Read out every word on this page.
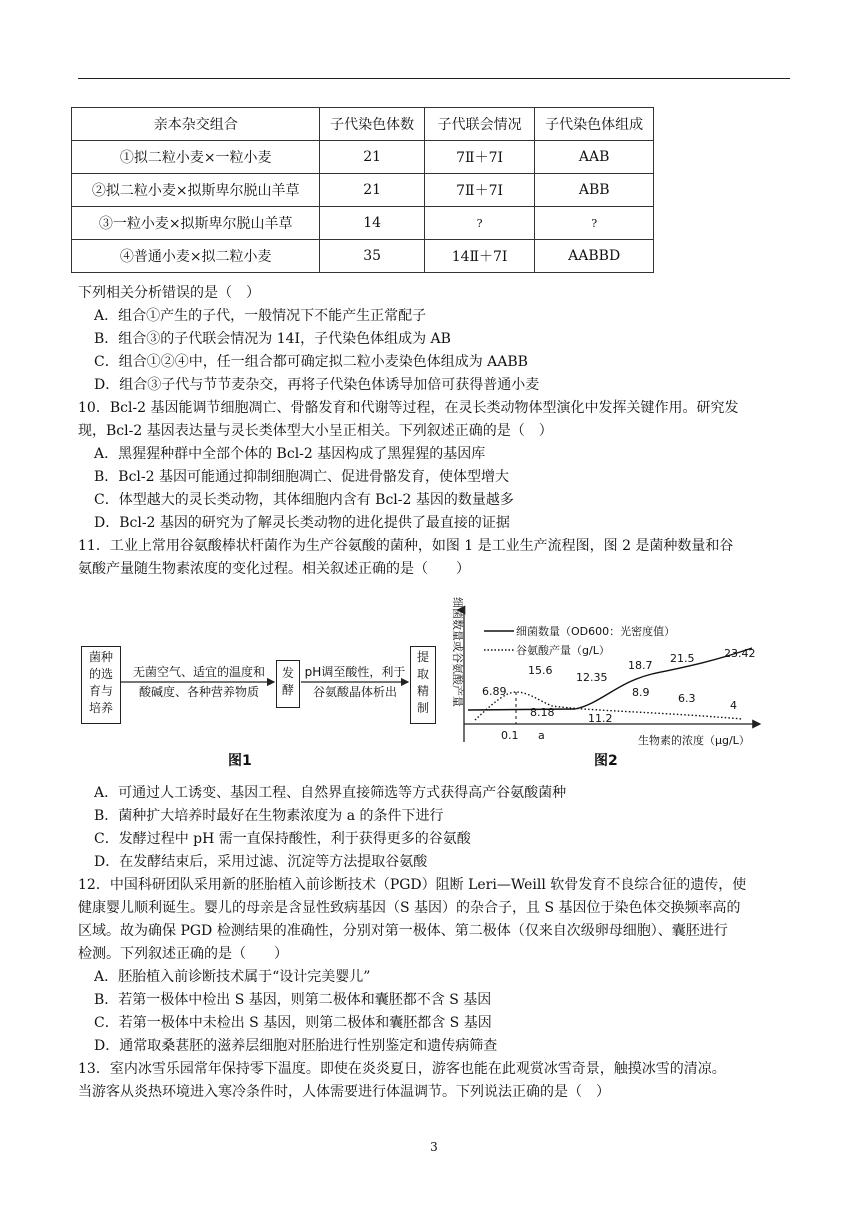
亲本杂交组合	子代染色体数	子代联会情况	子代染色体组成
①拟二粒小麦×一粒小麦	21	7Ⅱ＋7Ⅰ	AAB
②拟二粒小麦×拟斯卑尔脱山羊草	21	7Ⅱ＋7Ⅰ	ABB
③一粒小麦×拟斯卑尔脱山羊草	14	?	?
④普通小麦×拟二粒小麦	35	14Ⅱ＋7Ⅰ	AABBD
下列相关分析错误的是（　）
A．组合①产生的子代，一般情况下不能产生正常配子
B．组合③的子代联会情况为 14Ⅰ，子代染色体组成为 AB
C．组合①②④中，任一组合都可确定拟二粒小麦染色体组成为 AABB
D．组合③子代与节节麦杂交，再将子代染色体诱导加倍可获得普通小麦
10．Bcl-2 基因能调节细胞凋亡、骨骼发育和代谢等过程，在灵长类动物体型演化中发挥关键作用。研究发
现，Bcl-2 基因表达量与灵长类体型大小呈正相关。下列叙述正确的是（　）
A．黑猩猩种群中全部个体的 Bcl-2 基因构成了黑猩猩的基因库
B．Bcl-2 基因可能通过抑制细胞凋亡、促进骨骼发育，使体型增大
C．体型越大的灵长类动物，其体细胞内含有 Bcl-2 基因的数量越多
D．Bcl-2 基因的研究为了解灵长类动物的进化提供了最直接的证据
11．工业上常用谷氨酸棒状杆菌作为生产谷氨酸的菌种，如图 1 是工业生产流程图，图 2 是菌种数量和谷
氨酸产量随生物素浓度的变化过程。相关叙述正确的是（　　）
菌种
的选
育与
培养
无菌空气、适宜的温度和
酸碱度、各种营养物质
发
酵
pH调至酸性，利于
谷氨酸晶体析出
提
取
精
制
图1
细菌数量或谷氨酸产量	细菌数量（OD600：光密度值）
谷氨酸产量（g/L）
6.89
15.6
12.35
18.7
21.5	23.42
8.9	6.3
4
8.18	11.2
0.1 a	生物素的浓度（μg/L）
图2
A．可通过人工诱变、基因工程、自然界直接筛选等方式获得高产谷氨酸菌种
B．菌种扩大培养时最好在生物素浓度为 a 的条件下进行
C．发酵过程中 pH 需一直保持酸性，利于获得更多的谷氨酸
D．在发酵结束后，采用过滤、沉淀等方法提取谷氨酸
12．中国科研团队采用新的胚胎植入前诊断技术（PGD）阻断 Leri—Weill 软骨发育不良综合征的遗传，使
健康婴儿顺利诞生。婴儿的母亲是含显性致病基因（S 基因）的杂合子，且 S 基因位于染色体交换频率高的
区域。故为确保 PGD 检测结果的准确性，分别对第一极体、第二极体（仅来自次级卵母细胞）、囊胚进行
检测。下列叙述正确的是（　　）
A．胚胎植入前诊断技术属于“设计完美婴儿”
B．若第一极体中检出 S 基因，则第二极体和囊胚都不含 S 基因
C．若第一极体中未检出 S 基因，则第二极体和囊胚都含 S 基因
D．通常取桑葚胚的滋养层细胞对胚胎进行性别鉴定和遗传病筛查
13．室内冰雪乐园常年保持零下温度。即使在炎炎夏日，游客也能在此观赏冰雪奇景，触摸冰雪的清凉。
当游客从炎热环境进入寒冷条件时，人体需要进行体温调节。下列说法正确的是（　）
3
